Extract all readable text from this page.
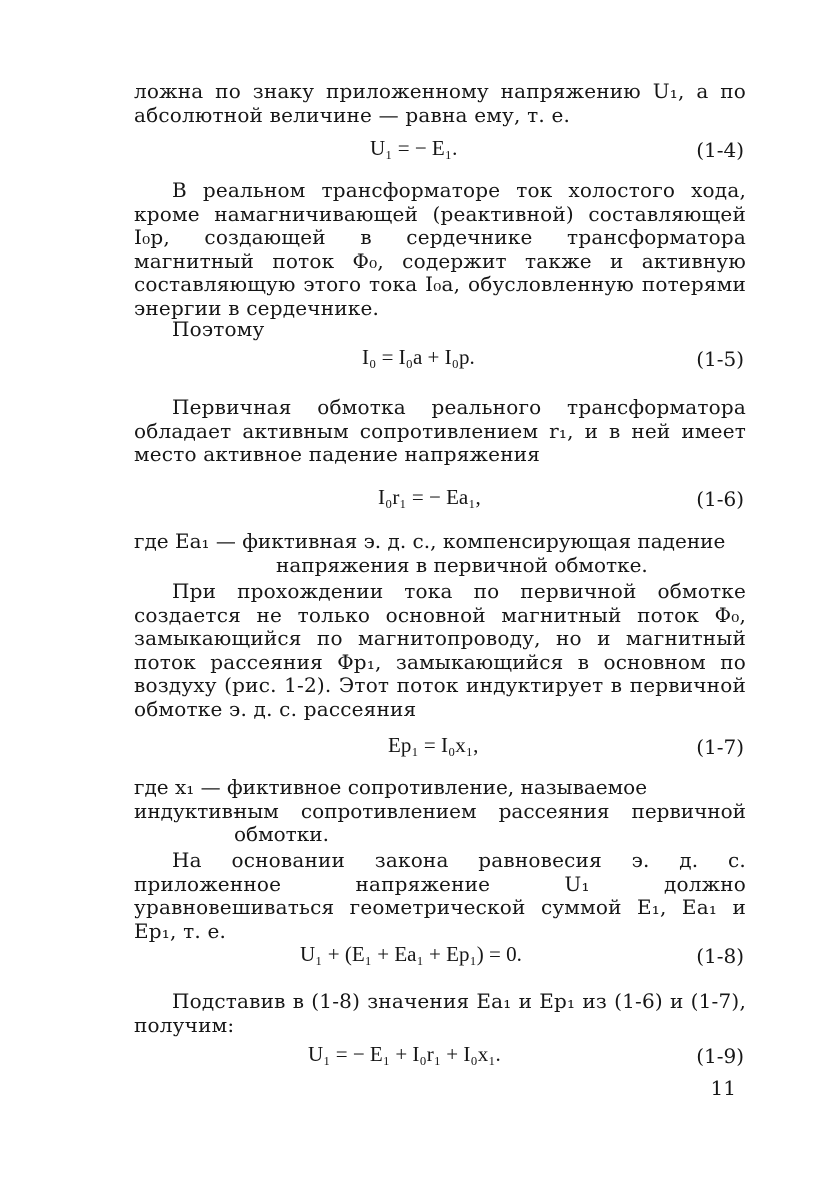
ложна по знаку приложенному напряжению U₁, а по абсолютной величине — равна ему, т. е.
U₁ = − E₁.	(1-4)
В реальном трансформаторе ток холостого хода, кроме намагничивающей (реактивной) составляющей I₀p, создающей в сердечнике трансформатора магнитный поток Φ₀, содержит также и активную составляющую этого тока I₀a, обусловленную потерями энергии в сердечнике.
Поэтому
I₀ = I₀a + I₀p.	(1-5)
Первичная обмотка реального трансформатора обладает активным сопротивлением r₁, и в ней имеет место активное падение напряжения
I₀r₁ = − Ea₁,	(1-6)
где Ea₁ — фиктивная э. д. с., компенсирующая падение
напряжения в первичной обмотке.
При прохождении тока по первичной обмотке создается не только основной магнитный поток Φ₀, замыкающийся по магнитопроводу, но и магнитный поток рассеяния Φp₁, замыкающийся в основном по воздуху (рис. 1-2). Этот поток индуктирует в первичной обмотке э. д. с. рассеяния
Ep₁ = I₀x₁,	(1-7)
где x₁ — фиктивное сопротивление, называемое индуктив-
ным сопротивлением рассеяния первичной обмотки.
На основании закона равновесия э. д. с. приложенное напряжение U₁ должно уравновешиваться геометрической суммой E₁, Ea₁ и Ep₁, т. е.
U₁ + (E₁ + Ea₁ + Ep₁) = 0.	(1-8)
Подставив в (1-8) значения Ea₁ и Ep₁ из (1-6) и (1-7), получим:
U₁ = − E₁ + I₀r₁ + I₀x₁.	(1-9)
11
